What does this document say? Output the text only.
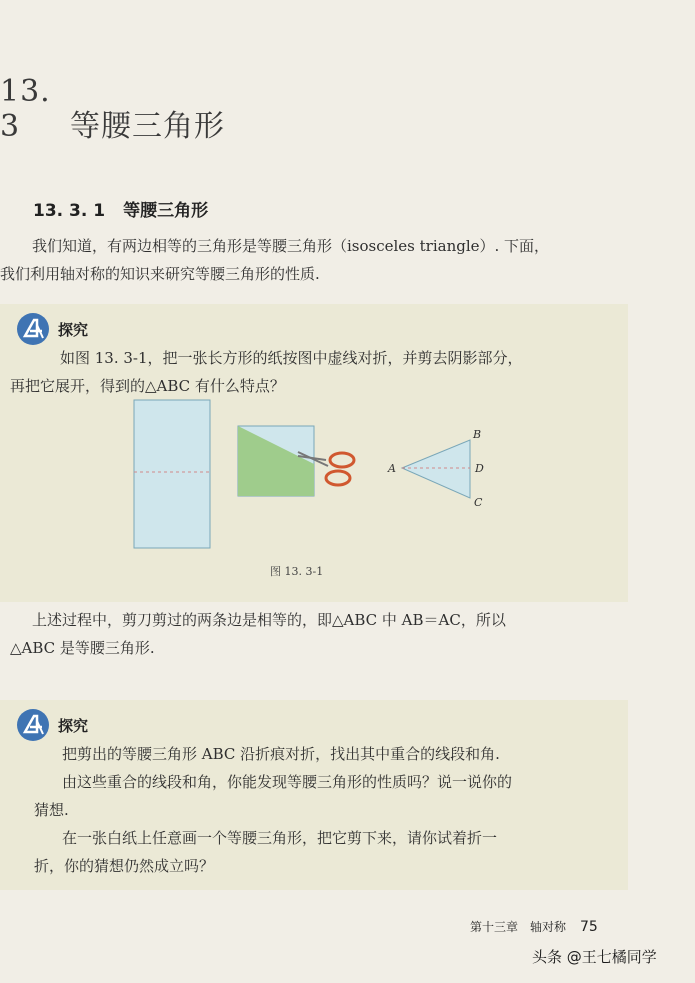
13. 3 等腰三角形
13. 3. 1 等腰三角形
我们知道，有两边相等的三角形是等腰三角形（isosceles triangle）. 下面，
我们利用轴对称的知识来研究等腰三角形的性质.
探究
如图 13. 3-1，把一张长方形的纸按图中虚线对折，并剪去阴影部分，
再把它展开，得到的△ABC 有什么特点？
A
B
D
C
图 13. 3-1
上述过程中，剪刀剪过的两条边是相等的，即△ABC 中 AB＝AC，所以
△ABC 是等腰三角形.
探究
把剪出的等腰三角形 ABC 沿折痕对折，找出其中重合的线段和角.
由这些重合的线段和角，你能发现等腰三角形的性质吗？说一说你的
猜想.
在一张白纸上任意画一个等腰三角形，把它剪下来，请你试着折一
折，你的猜想仍然成立吗？
第十三章　轴对称 75
头条 @王七橘同学
